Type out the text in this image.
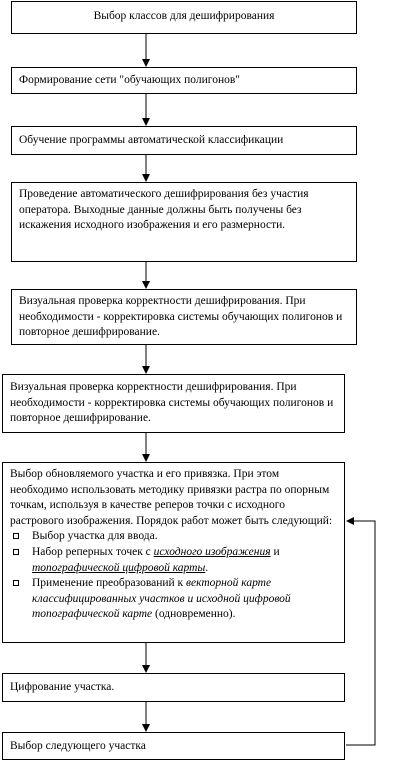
Выбор классов для дешифрирования
Формирование сети "обучающих полигонов"
Обучение программы автоматической классификации
Проведение автоматического дешифрирования без участия оператора. Выходные данные должны быть получены без искажения исходного изображения и его размерности.
Визуальная проверка корректности дешифрирования. При необходимости - корректировка системы обучающих полигонов и повторное дешифрирование.
Визуальная проверка корректности дешифрирования. При необходимости - корректировка системы обучающих полигонов и повторное дешифрирование.
Выбор обновляемого участка и его привязка. При этом необходимо использовать методику привязки растра по опорным точкам, используя в качестве реперов точки с исходного растрового изображения. Порядок работ может быть следующий:
Выбор участка для ввода.
Набор реперных точек с исходного изображения и топографической цифровой карты.
Применение преобразований к векторной карте классифицированных участков и исходной цифровой топографической карте (одновременно).
Цифрование участка.
Выбор следующего участка
